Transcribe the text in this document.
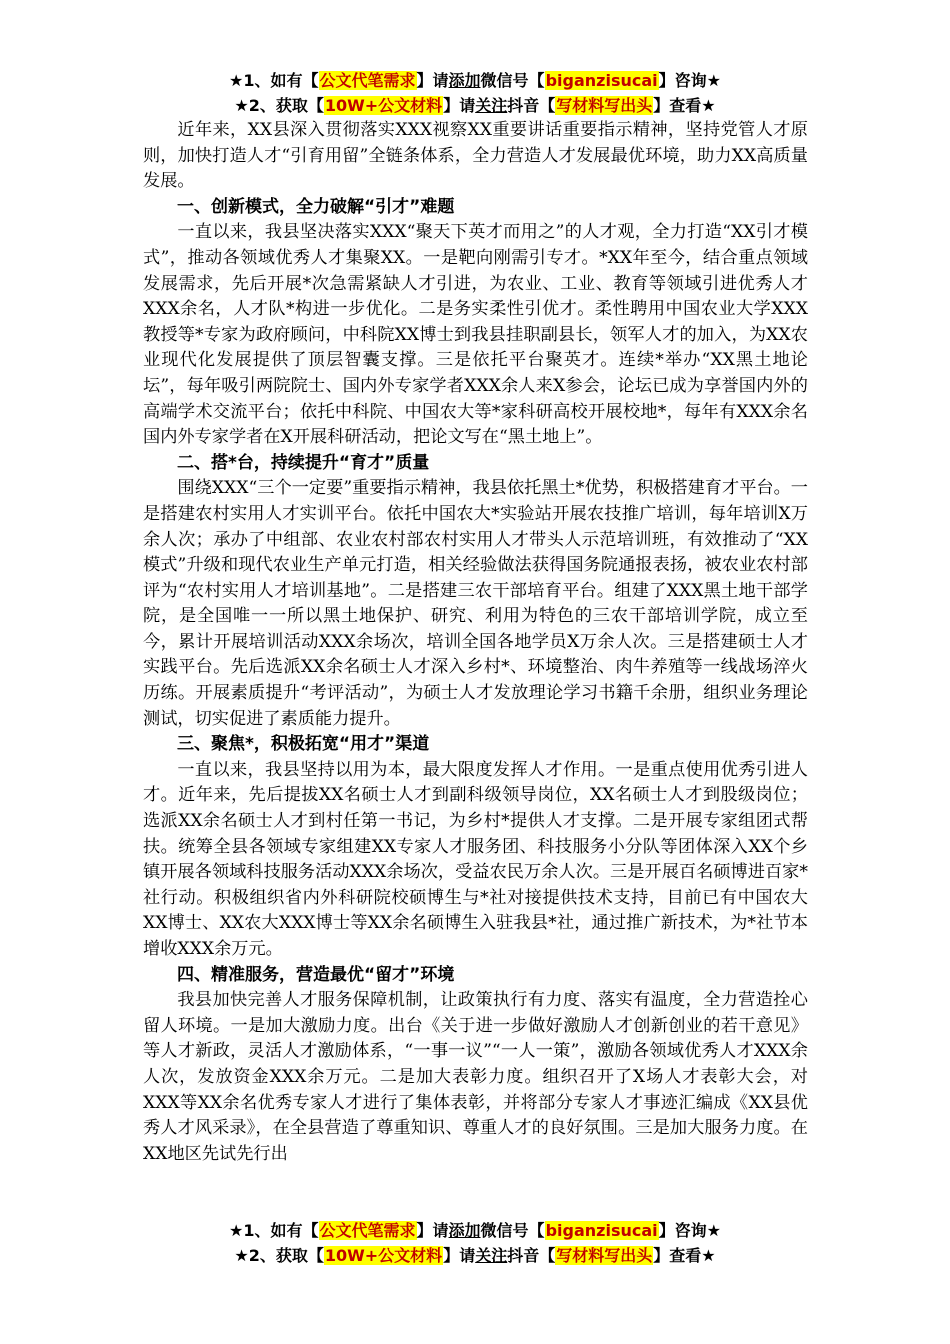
★1、如有【公文代笔需求】请添加微信号【biganzisucai】咨询★
★2、获取【10W+公文材料】请关注抖音【写材料写出头】查看★

近年来，XX县深入贯彻落实XXX视察XX重要讲话重要指示精神，坚持党管人才原则，加快打造人才“引育用留”全链条体系，全力营造人才发展最优环境，助力XX高质量发展。

一、创新模式，全力破解“引才”难题

一直以来，我县坚决落实XXX“聚天下英才而用之”的人才观，全力打造“XX引才模式”，推动各领域优秀人才集聚XX。一是靶向刚需引专才。*XX年至今，结合重点领域发展需求，先后开展*次急需紧缺人才引进，为农业、工业、教育等领域引进优秀人才XXX余名，人才队*构进一步优化。二是务实柔性引优才。柔性聘用中国农业大学XXX教授等*专家为政府顾问，中科院XX博士到我县挂职副县长，领军人才的加入，为XX农业现代化发展提供了顶层智囊支撑。三是依托平台聚英才。连续*举办“XX黑土地论坛”，每年吸引两院院士、国内外专家学者XXX余人来X参会，论坛已成为享誉国内外的高端学术交流平台；依托中科院、中国农大等*家科研高校开展校地*，每年有XXX余名国内外专家学者在X开展科研活动，把论文写在“黑土地上”。

二、搭*台，持续提升“育才”质量

围绕XXX“三个一定要”重要指示精神，我县依托黑土*优势，积极搭建育才平台。一是搭建农村实用人才实训平台。依托中国农大*实验站开展农技推广培训，每年培训X万余人次；承办了中组部、农业农村部农村实用人才带头人示范培训班，有效推动了“XX模式”升级和现代农业生产单元打造，相关经验做法获得国务院通报表扬，被农业农村部评为“农村实用人才培训基地”。二是搭建三农干部培育平台。组建了XXX黑土地干部学院，是全国唯一一所以黑土地保护、研究、利用为特色的三农干部培训学院，成立至今，累计开展培训活动XXX余场次，培训全国各地学员X万余人次。三是搭建硕士人才实践平台。先后选派XX余名硕士人才深入乡村*、环境整治、肉牛养殖等一线战场淬火历练。开展素质提升“考评活动”，为硕士人才发放理论学习书籍千余册，组织业务理论测试，切实促进了素质能力提升。

三、聚焦*，积极拓宽“用才”渠道

一直以来，我县坚持以用为本，最大限度发挥人才作用。一是重点使用优秀引进人才。近年来，先后提拔XX名硕士人才到副科级领导岗位，XX名硕士人才到股级岗位；选派XX余名硕士人才到村任第一书记，为乡村*提供人才支撑。二是开展专家组团式帮扶。统筹全县各领域专家组建XX专家人才服务团、科技服务小分队等团体深入XX个乡镇开展各领域科技服务活动XXX余场次，受益农民万余人次。三是开展百名硕博进百家*社行动。积极组织省内外科研院校硕博生与*社对接提供技术支持，目前已有中国农大XX博士、XX农大XXX博士等XX余名硕博生入驻我县*社，通过推广新技术，为*社节本增收XXX余万元。

四、精准服务，营造最优“留才”环境

我县加快完善人才服务保障机制，让政策执行有力度、落实有温度，全力营造拴心留人环境。一是加大激励力度。出台《关于进一步做好激励人才创新创业的若干意见》等人才新政，灵活人才激励体系，“一事一议”“一人一策”，激励各领域优秀人才XXX余人次，发放资金XXX余万元。二是加大表彰力度。组织召开了X场人才表彰大会，对XXX等XX余名优秀专家人才进行了集体表彰，并将部分专家人才事迹汇编成《XX县优秀人才风采录》，在全县营造了尊重知识、尊重人才的良好氛围。三是加大服务力度。在XX地区先试先行出

★1、如有【公文代笔需求】请添加微信号【biganzisucai】咨询★
★2、获取【10W+公文材料】请关注抖音【写材料写出头】查看★
